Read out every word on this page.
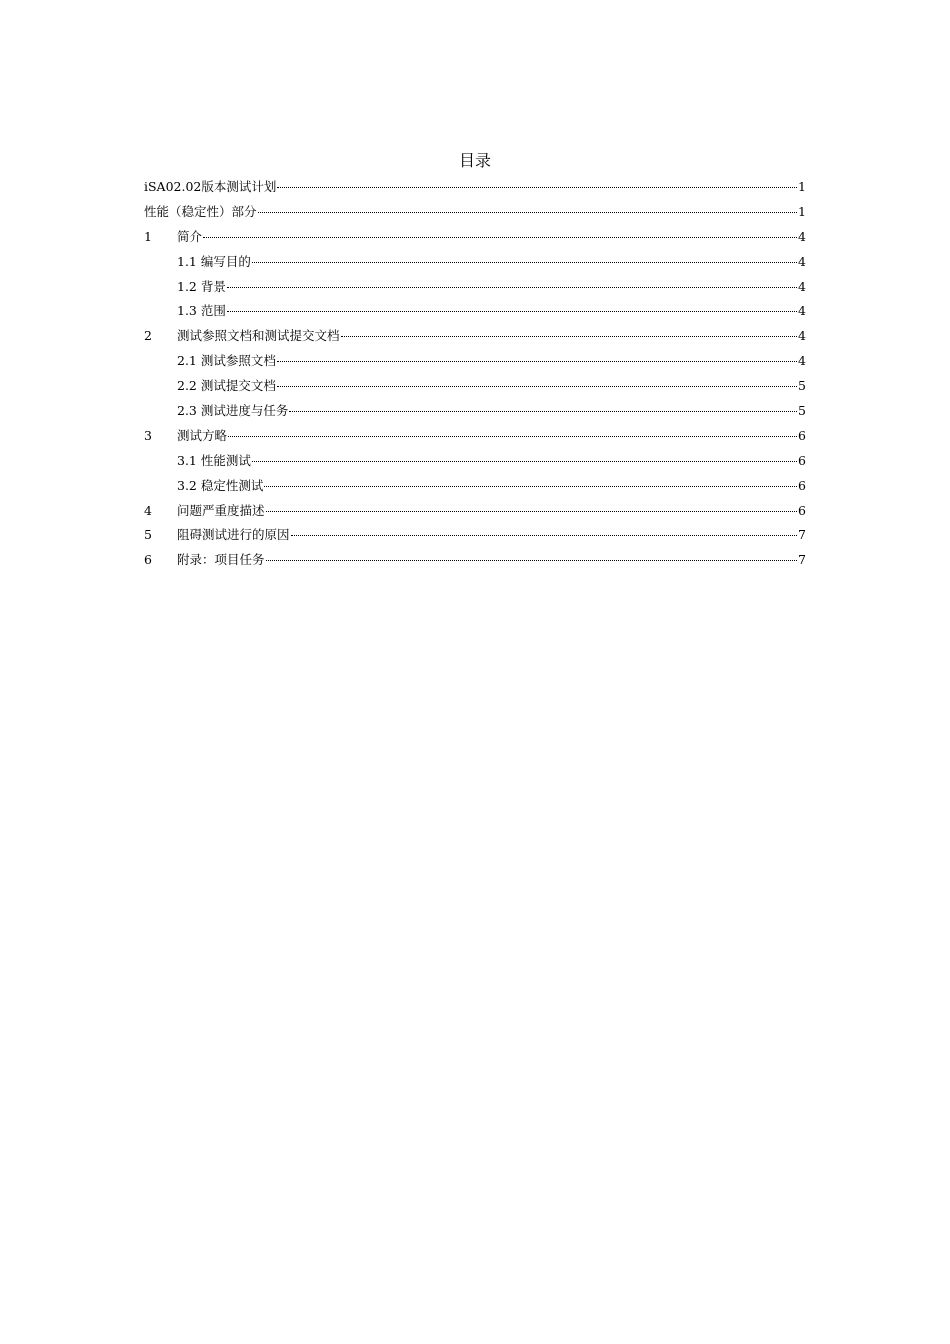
目录
iSA02.02版本测试计划	1
性能（稳定性）部分	1
1	简介	4
1.1 编写目的	4
1.2 背景	4
1.3 范围	4
2	测试参照文档和测试提交文档	4
2.1 测试参照文档	4
2.2 测试提交文档	5
2.3 测试进度与任务	5
3	测试方略	6
3.1 性能测试	6
3.2 稳定性测试	6
4	问题严重度描述	6
5	阻碍测试进行的原因	7
6	附录：项目任务	7
